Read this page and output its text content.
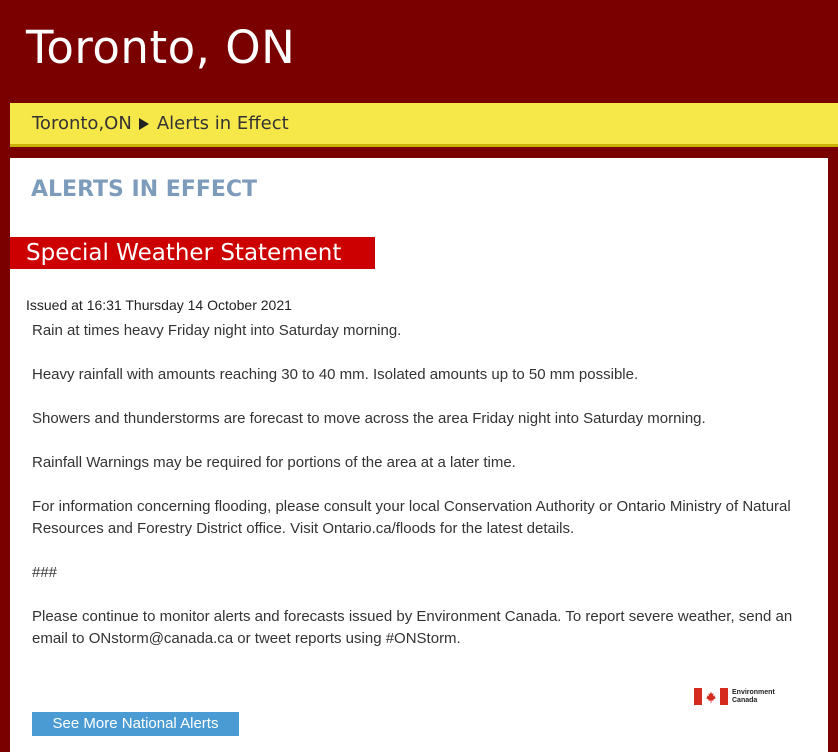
Toronto, ON
Toronto,ON Alerts in Effect
ALERTS IN EFFECT
Special Weather Statement
Issued at 16:31 Thursday 14 October 2021

Rain at times heavy Friday night into Saturday morning.

Heavy rainfall with amounts reaching 30 to 40 mm. Isolated amounts up to 50 mm possible.

Showers and thunderstorms are forecast to move across the area Friday night into Saturday morning.

Rainfall Warnings may be required for portions of the area at a later time.

For information concerning flooding, please consult your local Conservation Authority or Ontario Ministry of Natural Resources and Forestry District office. Visit Ontario.ca/floods for the latest details.

###

Please continue to monitor alerts and forecasts issued by Environment Canada. To report severe weather, send an email to ONstorm@canada.ca or tweet reports using #ONStorm.

Environment
Canada
See More National Alerts
